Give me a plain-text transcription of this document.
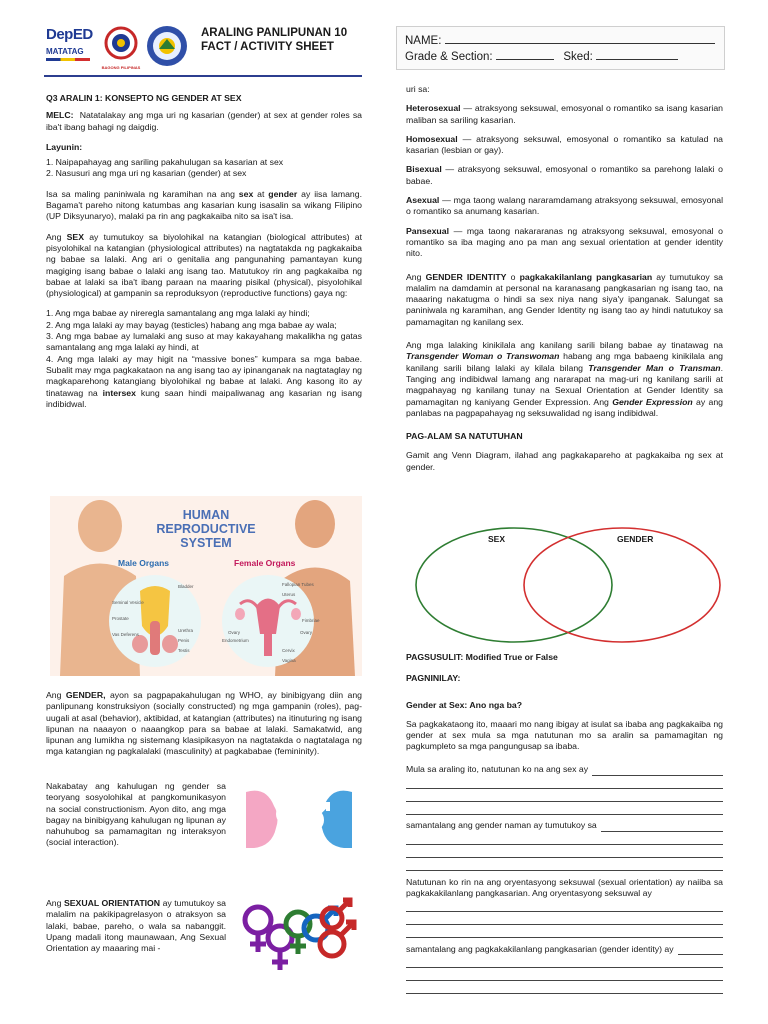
DepED
MATATAG
BAGONG PILIPINAS
ARALING PANLIPUNAN 10
FACT / ACTIVITY SHEET	NAME:
Grade & Section:	Sked:

Q3 ARALIN 1: KONSEPTO NG GENDER AT SEX

MELC: Natatalakay ang mga uri ng kasarian (gender) at sex at gender roles sa iba't ibang bahagi ng daigdig.

Layunin:

1. Naipapahayag ang sariling pakahulugan sa kasarian at sex

2. Nasusuri ang mga uri ng kasarian (gender) at sex

Isa sa maling paniniwala ng karamihan na ang sex at gender ay iisa lamang. Bagama't pareho nitong katumbas ang kasarian kung isasalin sa wikang Filipino (UP Diksyunaryo), malaki pa rin ang pagkakaiba nito sa isa't isa.

Ang SEX ay tumutukoy sa biyolohikal na katangian (biological attributes) at pisyolohikal na katangian (physiological attributes) na nagtatakda ng pagkakaiba ng babae sa lalaki. Ang ari o genitalia ang pangunahing pamantayan kung magiging isang babae o lalaki ang isang tao. Matutukoy rin ang pagkakaiba ng babae at lalaki sa iba't ibang paraan na maaring pisikal (physical), pisyolohikal (physiological) at gampanin sa reproduksyon (reproductive functions) gaya ng:

1. Ang mga babae ay nireregla samantalang ang mga lalaki ay hindi;

2. Ang mga lalaki ay may bayag (testicles) habang ang mga babae ay wala;

3. Ang mga babae ay lumalaki ang suso at may kakayahang makalikha ng gatas samantalang ang mga lalaki ay hindi, at

4. Ang mga lalaki ay may higit na “massive bones” kumpara sa mga babae. Subalit may mga pagkakataon na ang isang tao ay ipinanganak na nagtataglay ng magkaparehong katangiang biyolohikal ng babae at lalaki. Ang kasong ito ay tinatawag na intersex kung saan hindi maipaliwanag ang kasarian ng isang indibidwal.

HUMAN
REPRODUCTIVE
SYSTEM
Male Organs	Female Organs
Bladder
Seminal Vesicle
Prostate
Vas Deferens
Urethra
Penis
Testis
Fallopian Tubes
Uterus
Fimbriae
Ovary	Ovary
Endometrium
Cervix
Vagina

Ang GENDER, ayon sa pagpapakahulugan ng WHO, ay binibigyang diin ang panlipunang konstruksiyon (socially constructed) ng mga gampanin (roles), pag-uugali at asal (behavior), aktibidad, at katangian (attributes) na itinuturing ng isang lipunan na naaayon o naaangkop para sa babae at lalaki. Samakatwid, ang lipunan ang lumikha ng sistemang klasipikasyon na nagtatakda o nagtatalaga ng mga katangian ng pagkalalaki (masculinity) at pagkababae (femininity).

Nakabatay ang kahulugan ng gender sa teoryang sosyolohikal at pangkomunikasyon na social constructionism. Ayon dito, ang mga bagay na binibigyang kahulugan ng lipunan ay nahuhubog sa pamamagitan ng interaksyon (social interaction).

Ang SEXUAL ORIENTATION ay tumutukoy sa malalim na pakikipagrelasyon o atraksyon sa lalaki, babae, pareho, o wala sa nabanggit. Upang madali itong maunawaan, Ang Sexual Orientation ay maaaring mai -

uri sa:

Heterosexual — atraksyong seksuwal, emosyonal o romantiko sa isang kasarian maliban sa sariling kasarian.

Homosexual — atraksyong seksuwal, emosyonal o romantiko sa katulad na kasarian (lesbian or gay).

Bisexual — atraksyong seksuwal, emosyonal o romantiko sa parehong lalaki o babae.

Asexual — mga taong walang nararamdamang atraksyong seksuwal, emosyonal o romantiko sa anumang kasarian.

Pansexual — mga taong nakararanas ng atraksyong seksuwal, emosyonal o romantiko sa iba maging ano pa man ang sexual orientation at gender identity nito.

Ang GENDER IDENTITY o pagkakakilanlang pangkasarian ay tumutukoy sa malalim na damdamin at personal na karanasang pangkasarian ng isang tao, na maaaring nakatugma o hindi sa sex niya nang siya'y ipanganak. Salungat sa paniniwala ng karamihan, ang Gender Identity ng isang tao ay hindi natutukoy sa pamamagitan ng kanilang sex.

Ang mga lalaking kinikilala ang kanilang sarili bilang babae ay tinatawag na Transgender Woman o Transwoman habang ang mga babaeng kinikilala ang kanilang sarili bilang lalaki ay kilala bilang Transgender Man o Transman. Tanging ang indibidwal lamang ang nararapat na mag-uri ng kanilang sarili at magpahayag ng kanilang tunay na Sexual Orientation at Gender Identity sa pamamagitan ng kaniyang Gender Expression. Ang Gender Expression ay ang panlabas na pagpapahayag ng seksuwalidad ng isang indibidwal.

PAG-ALAM SA NATUTUHAN

Gamit ang Venn Diagram, ilahad ang pagkakapareho at pagkakaiba ng sex at gender.

SEX	GENDER

PAGSUSULIT: Modified True or False

PAGNINILAY:

Gender at Sex: Ano nga ba?

Sa pagkakataong ito, maaari mo nang ibigay at isulat sa ibaba ang pagkakaiba ng gender at sex mula sa mga natutunan mo sa aralin sa pamamagitan ng pagkumpleto sa mga pangungusap sa ibaba.

Mula sa araling ito, natutunan ko na ang sex ay
samantalang ang gender naman ay tumutukoy sa

Natutunan ko rin na ang oryentasyong seksuwal (sexual orientation) ay naiiba sa pagkakakilanlang pangkasarian. Ang oryentasyong seksuwal ay

samantalang ang pagkakakilanlang pangkasarian (gender identity) ay
